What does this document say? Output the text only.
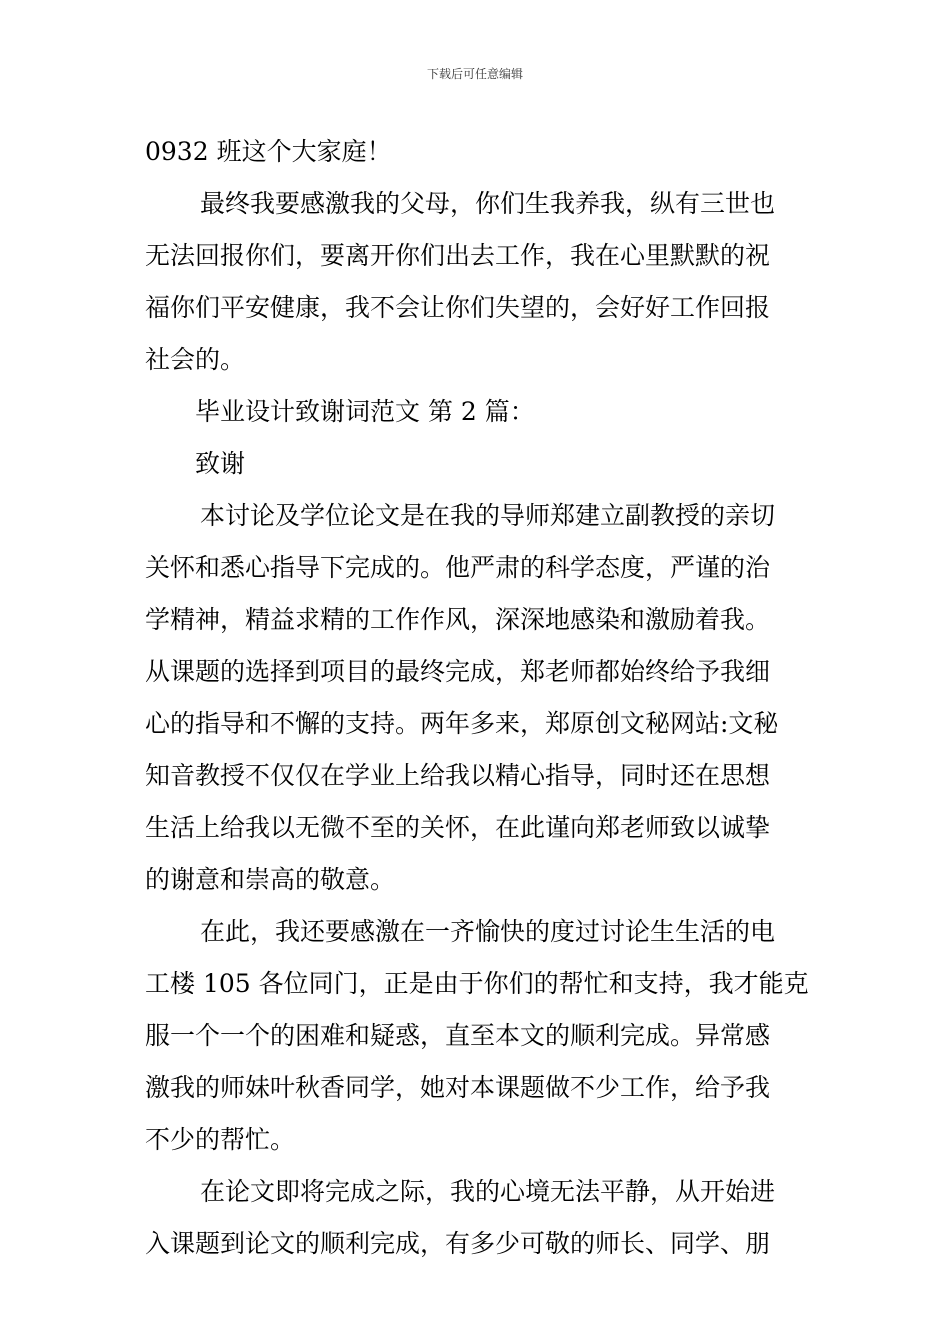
下载后可任意编辑
0932 班这个大家庭！
最终我要感激我的父母，你们生我养我，纵有三世也
无法回报你们，要离开你们出去工作，我在心里默默的祝
福你们平安健康，我不会让你们失望的，会好好工作回报
社会的。
毕业设计致谢词范文 第 2 篇：
致谢
本讨论及学位论文是在我的导师郑建立副教授的亲切
关怀和悉心指导下完成的。他严肃的科学态度，严谨的治
学精神，精益求精的工作作风，深深地感染和激励着我。
从课题的选择到项目的最终完成，郑老师都始终给予我细
心的指导和不懈的支持。两年多来，郑原创文秘网站:文秘
知音教授不仅仅在学业上给我以精心指导，同时还在思想
生活上给我以无微不至的关怀，在此谨向郑老师致以诚挚
的谢意和崇高的敬意。
在此，我还要感激在一齐愉快的度过讨论生生活的电
工楼 105 各位同门，正是由于你们的帮忙和支持，我才能克
服一个一个的困难和疑惑，直至本文的顺利完成。异常感
激我的师妹叶秋香同学，她对本课题做不少工作，给予我
不少的帮忙。
在论文即将完成之际，我的心境无法平静，从开始进
入课题到论文的顺利完成，有多少可敬的师长、同学、朋
